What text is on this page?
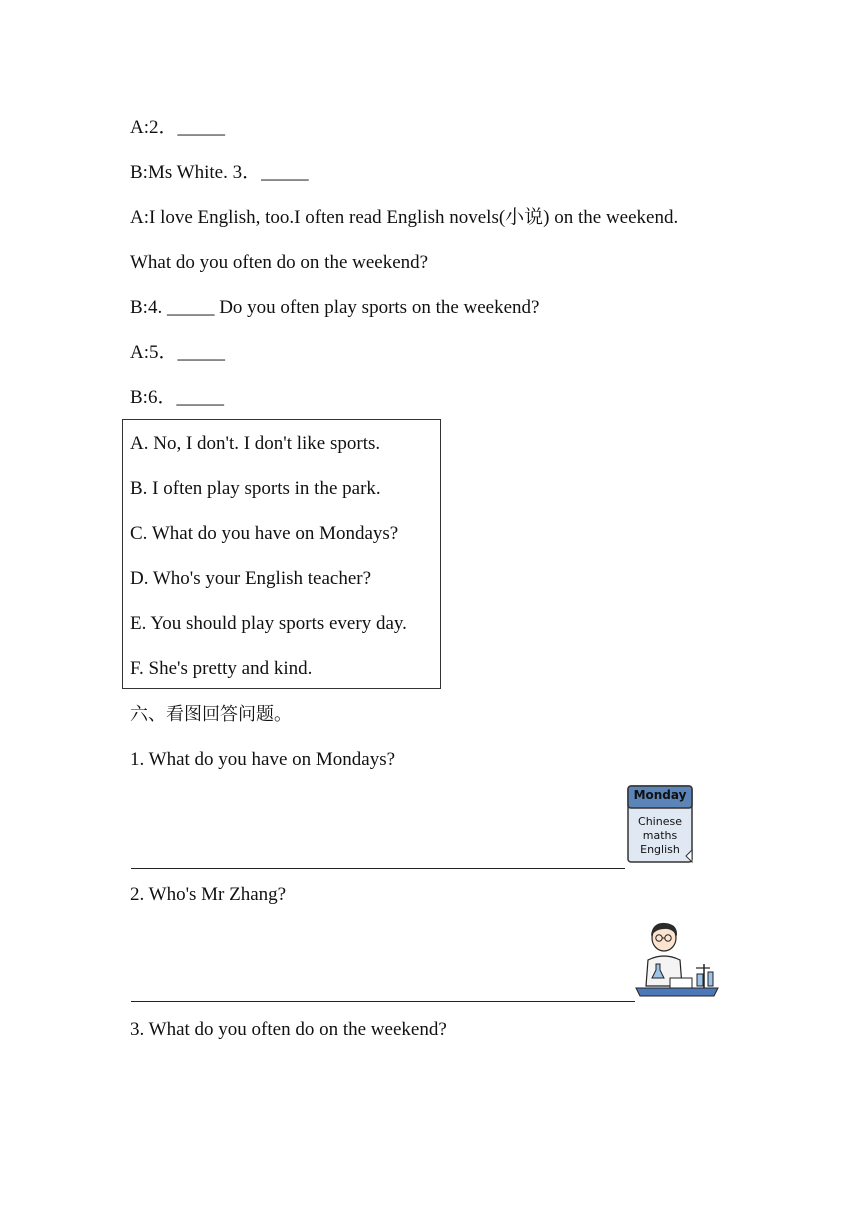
A:2．_____
B:Ms White. 3．_____
A:I love English, too.I often read English novels(小说) on the weekend.
What do you often do on the weekend?
B:4. _____ Do you often play sports on the weekend?
A:5．_____
B:6．_____
A. No, I don't. I don't like sports.
B. I often play sports in the park.
C. What do you have on Mondays?
D. Who's your English teacher?
E. You should play sports every day.
F. She's pretty and kind.
六、看图回答问题。
1. What do you have on Mondays?
Monday
Chinese
maths
English
2. Who's Mr Zhang?
3. What do you often do on the weekend?
